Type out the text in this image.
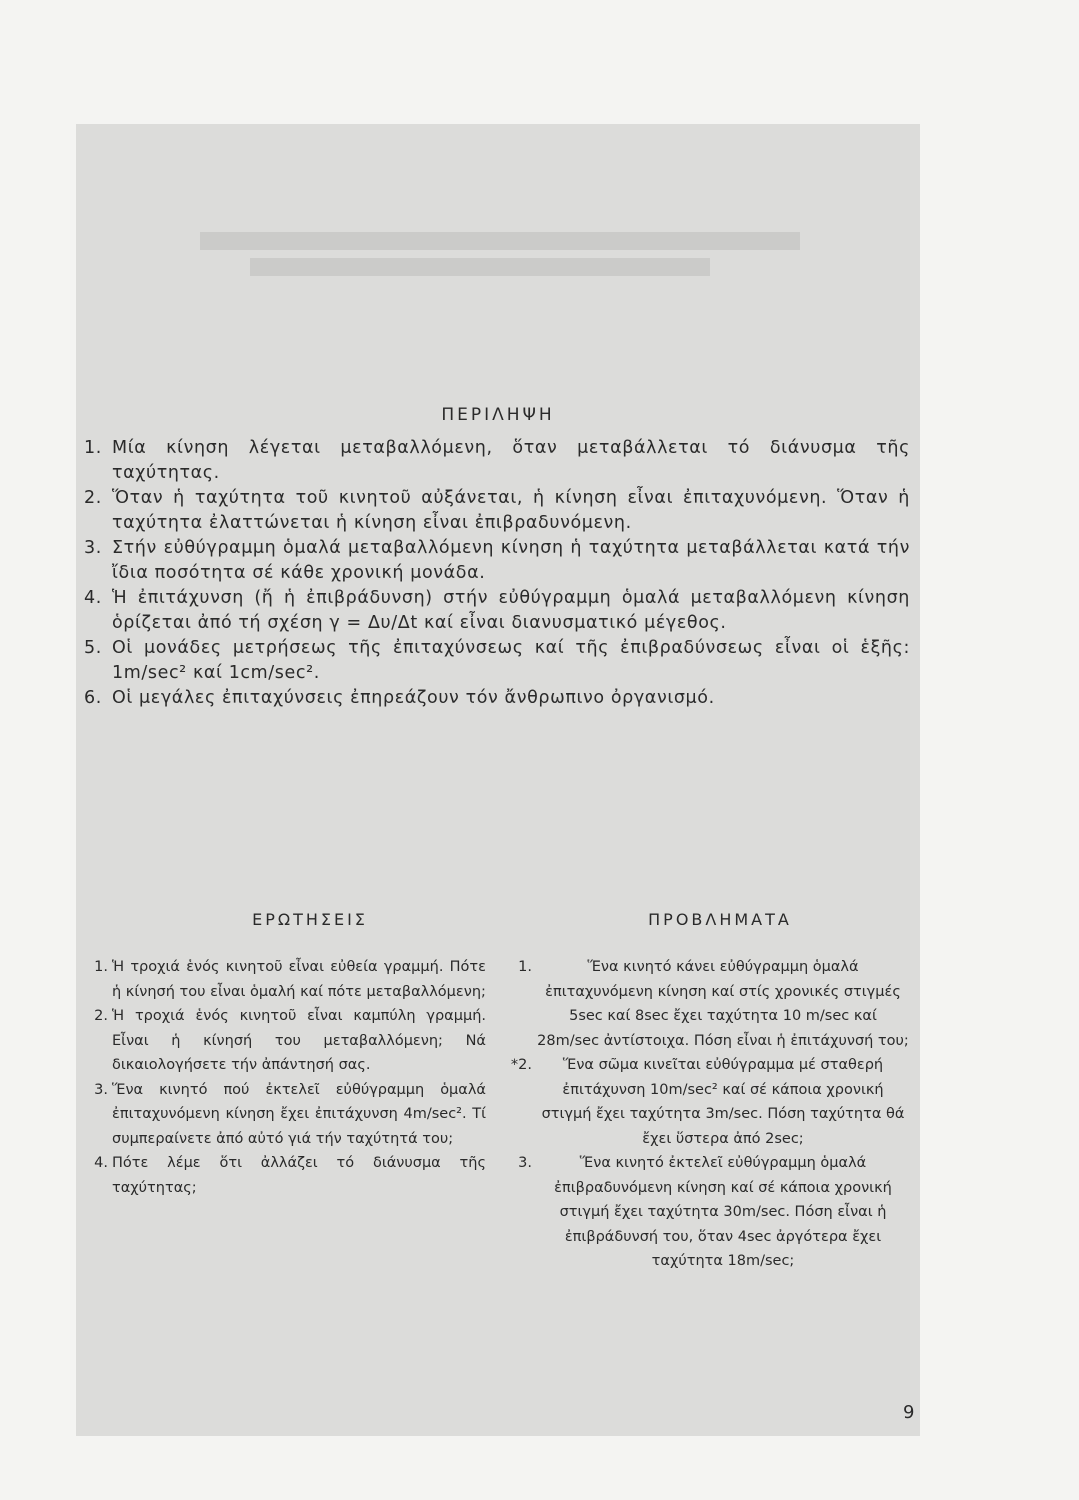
ΠΕΡΙΛΗΨΗ
1. Μία κίνηση λέγεται μεταβαλλόμενη, ὅταν μεταβάλλεται τό διάνυσμα τῆς ταχύτητας.
2. Ὅταν ἡ ταχύτητα τοῦ κινητοῦ αὐξάνεται, ἡ κίνηση εἶναι ἐπιταχυνόμενη. Ὅταν ἡ ταχύτητα ἐλαττώνεται ἡ κίνηση εἶναι ἐπιβραδυνόμενη.
3. Στήν εὐθύγραμμη ὁμαλά μεταβαλλόμενη κίνηση ἡ ταχύτητα μεταβάλλεται κατά τήν ἴδια ποσότητα σέ κάθε χρονική μονάδα.
4. Ἡ ἐπιτάχυνση (ἤ ἡ ἐπιβράδυνση) στήν εὐθύγραμμη ὁμαλά μεταβαλλόμενη κίνηση ὁρίζεται ἀπό τή σχέση γ = Δυ/Δt καί εἶναι διανυσματικό μέγεθος.
5. Οἱ μονάδες μετρήσεως τῆς ἐπιταχύνσεως καί τῆς ἐπιβραδύνσεως εἶναι οἱ ἑξῆς: 1m/sec² καί 1cm/sec².
6. Οἱ μεγάλες ἐπιταχύνσεις ἐπηρεάζουν τόν ἄνθρωπινο ὀργανισμό.
ΕΡΩΤΗΣΕΙΣ
1. Ἡ τροχιά ἑνός κινητοῦ εἶναι εὐθεία γραμμή. Πότε ἡ κίνησή του εἶναι ὁμαλή καί πότε μεταβαλλόμενη;
2. Ἡ τροχιά ἑνός κινητοῦ εἶναι καμπύλη γραμμή. Εἶναι ἡ κίνησή του μεταβαλλόμενη; Νά δικαιολογήσετε τήν ἀπάντησή σας.
3. Ἕνα κινητό πού ἐκτελεῖ εὐθύγραμμη ὁμαλά ἐπιταχυνόμενη κίνηση ἔχει ἐπιτάχυνση 4m/sec². Τί συμπεραίνετε ἀπό αὐτό γιά τήν ταχύτητά του;
4. Πότε λέμε ὅτι ἀλλάζει τό διάνυσμα τῆς ταχύτητας;
ΠΡΟΒΛΗΜΑΤΑ
1.	Ἕνα κινητό κάνει εὐθύγραμμη ὁμαλά ἐπιταχυνόμενη κίνηση καί στίς χρονικές στιγμές 5sec καί 8sec ἔχει ταχύτητα 10 m/sec καί 28m/sec ἀντίστοιχα. Πόση εἶναι ἡ ἐπιτάχυνσή του;
*2.	Ἕνα σῶμα κινεῖται εὐθύγραμμα μέ σταθερή ἐπιτάχυνση 10m/sec² καί σέ κάποια χρονική στιγμή ἔχει ταχύτητα 3m/sec. Πόση ταχύτητα θά ἔχει ὕστερα ἀπό 2sec;
3.	Ἕνα κινητό ἐκτελεῖ εὐθύγραμμη ὁμαλά ἐπιβραδυνόμενη κίνηση καί σέ κάποια χρονική στιγμή ἔχει ταχύτητα 30m/sec. Πόση εἶναι ἡ ἐπιβράδυνσή του, ὅταν 4sec ἀργότερα ἔχει ταχύτητα 18m/sec;
9
